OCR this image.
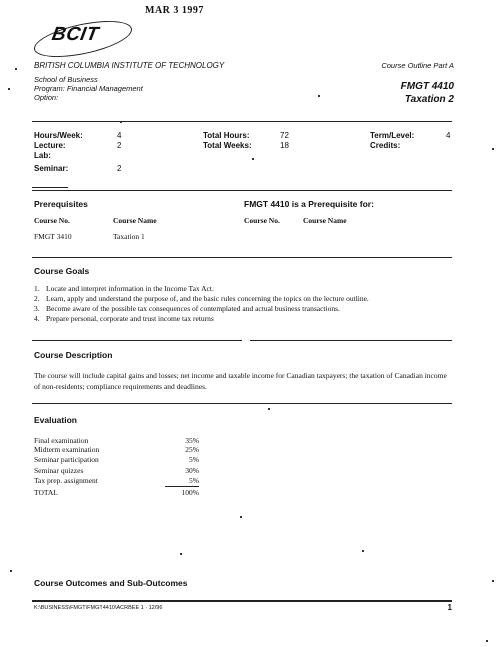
MAR 3 1997
BCIT
BRITISH COLUMBIA INSTITUTE OF TECHNOLOGY
School of Business
Program: Financial Management
Option:
Course Outline Part A
FMGT 4410
Taxation 2
Hours/Week:	4
Lecture:	2
Lab:
Seminar:	2
Total Hours:	72
Total Weeks:	18
Term/Level:	4
Credits:
Prerequisites
Course No.	Course Name
FMGT 3410	Taxation 1
FMGT 4410 is a Prerequisite for:
Course No.	Course Name
Course Goals
1. Locate and interpret information in the Income Tax Act.
2. Learn, apply and understand the purpose of, and the basic rules concerning the topics on the lecture outline.
3. Become aware of the possible tax consequences of contemplated and actual business transactions.
4. Prepare personal, corporate and trust income tax returns
Course Description
The course will include capital gains and losses; net income and taxable income for Canadian taxpayers; the taxation of Canadian income of non-residents; compliance requirements and deadlines.
Evaluation
Final examination	35%
Midterm examination	25%
Seminar participation	5%
Seminar quizzes	30%
Tax prep. assignment	5%
TOTAL	100%
Course Outcomes and Sub-Outcomes
K:\BUSINESS\FMGT\FMGT4410\ACRBEE 1 · 12/96	1
